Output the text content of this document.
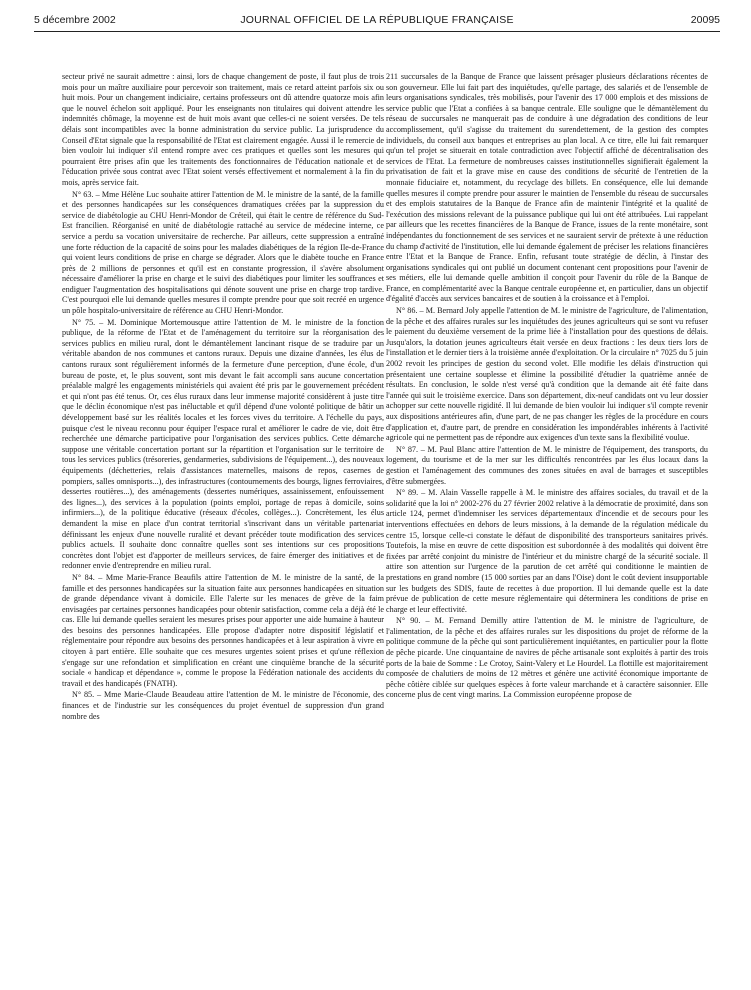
5 décembre 2002	JOURNAL OFFICIEL DE LA RÉPUBLIQUE FRANÇAISE	20095

secteur privé ne saurait admettre : ainsi, lors de chaque changement de poste, il faut plus de trois mois pour un maître auxiliaire pour percevoir son traitement, mais ce retard atteint parfois six ou huit mois. Pour un changement indiciaire, certains professeurs ont dû attendre quatorze mois afin que le nouvel échelon soit appliqué. Pour les enseignants non titulaires qui doivent attendre les indemnités chômage, la moyenne est de huit mois avant que celles-ci ne soient versées. De tels délais sont incompatibles avec la bonne administration du service public. La jurisprudence du Conseil d'Etat signale que la responsabilité de l'Etat est clairement engagée. Aussi il le remercie de bien vouloir lui indiquer s'il entend rompre avec ces pratiques et quelles sont les mesures qui pourraient être prises afin que les traitements des fonctionnaires de l'éducation nationale et de l'éducation privée sous contrat avec l'Etat soient versés effectivement et normalement à la fin du mois, après service fait.

N° 63. – Mme Hélène Luc souhaite attirer l'attention de M. le ministre de la santé, de la famille et des personnes handicapées sur les conséquences dramatiques créées par la suppression du service de diabétologie au CHU Henri-Mondor de Créteil, qui était le centre de référence du Sud-Est francilien. Réorganisé en unité de diabétologie rattaché au service de médecine interne, ce service a perdu sa vocation universitaire de recherche. Par ailleurs, cette suppression a entraîné une forte réduction de la capacité de soins pour les malades diabétiques de la région Ile-de-France qui voient leurs conditions de prise en charge se dégrader. Alors que le diabète touche en France près de 2 millions de personnes et qu'il est en constante progression, il s'avère absolument nécessaire d'améliorer la prise en charge et le suivi des diabétiques pour limiter les souffrances et endiguer l'augmentation des hospitalisations qui dénote souvent une prise en charge trop tardive. C'est pourquoi elle lui demande quelles mesures il compte prendre pour que soit recréé en urgence un pôle hospitalo-universitaire de référence au CHU Henri-Mondor.

N° 75. – M. Dominique Mortemousque attire l'attention de M. le ministre de la fonction publique, de la réforme de l'Etat et de l'aménagement du territoire sur la réorganisation des services publics en milieu rural, dont le démantèlement lancinant risque de se traduire par un véritable abandon de nos communes et cantons ruraux. Depuis une dizaine d'années, les élus de cantons ruraux sont régulièrement informés de la fermeture d'une perception, d'une école, d'un bureau de poste, et, le plus souvent, sont mis devant le fait accompli sans aucune concertation préalable malgré les engagements ministériels qui avaient été pris par le gouvernement précédent et qui n'ont pas été tenus. Or, ces élus ruraux dans leur immense majorité considèrent à juste titre que le déclin économique n'est pas inéluctable et qu'il dépend d'une volonté politique de bâtir un développement basé sur les réalités locales et les forces vives du territoire. A l'échelle du pays, puisque c'est le niveau reconnu pour équiper l'espace rural et améliorer le cadre de vie, doit être recherchée une démarche participative pour l'organisation des services publics. Cette démarche suppose une véritable concertation portant sur la répartition et l'organisation sur le territoire de tous les services publics (trésoreries, gendarmeries, subdivisions de l'équipement...), des nouveaux équipements (déchetteries, relais d'assistances maternelles, maisons de repos, casernes de pompiers, salles omnisports...), des infrastructures (contournements des bourgs, lignes ferroviaires, dessertes routières...), des aménagements (dessertes numériques, assainissement, enfouissement des lignes...), des services à la population (points emploi, portage de repas à domicile, soins infirmiers...), de la politique éducative (réseaux d'écoles, collèges...). Concrètement, les élus demandent la mise en place d'un contrat territorial s'inscrivant dans un véritable partenariat définissant les enjeux d'une nouvelle ruralité et devant précéder toute modification des services publics actuels. Il souhaite donc connaître quelles sont ses intentions sur ces propositions concrètes dont l'objet est d'apporter de meilleurs services, de faire émerger des initiatives et de redonner envie d'entreprendre en milieu rural.

N° 84. – Mme Marie-France Beaufils attire l'attention de M. le ministre de la santé, de la famille et des personnes handicapées sur la situation faite aux personnes handicapées en situation de grande dépendance vivant à domicile. Elle l'alerte sur les menaces de grève de la faim envisagées par certaines personnes handicapées pour obtenir satisfaction, comme cela a déjà été le cas. Elle lui demande quelles seraient les mesures prises pour apporter une aide humaine à hauteur des besoins des personnes handicapées. Elle propose d'adapter notre dispositif législatif et réglementaire pour répondre aux besoins des personnes handicapées et à leur aspiration à vivre en citoyen à part entière. Elle souhaite que ces mesures urgentes soient prises et qu'une réflexion s'engage sur une refondation et simplification en créant une cinquième branche de la sécurité sociale « handicap et dépendance », comme le propose la Fédération nationale des accidents du travail et des handicapés (FNATH).

N° 85. – Mme Marie-Claude Beaudeau attire l'attention de M. le ministre de l'économie, des finances et de l'industrie sur les conséquences du projet éventuel de suppression d'un grand nombre des

211 succursales de la Banque de France que laissent présager plusieurs déclarations récentes de son gouverneur. Elle lui fait part des inquiétudes, qu'elle partage, des salariés et de l'ensemble de leurs organisations syndicales, très mobilisés, pour l'avenir des 17 000 emplois et des missions de service public que l'Etat a confiées à sa banque centrale. Elle souligne que le démantèlement du réseau de succursales ne manquerait pas de conduire à une dégradation des conditions de leur accomplissement, qu'il s'agisse du traitement du surendettement, de la gestion des comptes individuels, du conseil aux banques et entreprises au plan local. A ce titre, elle lui fait remarquer qu'un tel projet se situerait en totale contradiction avec l'objectif affiché de décentralisation des services de l'Etat. La fermeture de nombreuses caisses institutionnelles signifierait également la privatisation de fait et la grave mise en cause des conditions de sécurité de l'entretien de la monnaie fiduciaire et, notamment, du recyclage des billets. En conséquence, elle lui demande quelles mesures il compte prendre pour assurer le maintien de l'ensemble du réseau de succursales et des emplois statutaires de la Banque de France afin de maintenir l'intégrité et la qualité de l'exécution des missions relevant de la puissance publique qui lui ont été attribuées. Lui rappelant par ailleurs que les recettes financières de la Banque de France, issues de la rente monétaire, sont indépendantes du fonctionnement de ses services et ne sauraient servir de prétexte à une réduction du champ d'activité de l'institution, elle lui demande également de préciser les relations financières entre l'Etat et la Banque de France. Enfin, refusant toute stratégie de déclin, à l'instar des organisations syndicales qui ont publié un document contenant cent propositions pour l'avenir de ses métiers, elle lui demande quelle ambition il conçoit pour l'avenir du rôle de la Banque de France, en complémentarité avec la Banque centrale européenne et, en particulier, dans un objectif d'égalité d'accès aux services bancaires et de soutien à la croissance et à l'emploi.

N° 86. – M. Bernard Joly appelle l'attention de M. le ministre de l'agriculture, de l'alimentation, de la pêche et des affaires rurales sur les inquiétudes des jeunes agriculteurs qui se sont vu refuser le paiement du deuxième versement de la prime liée à l'installation pour des questions de délais. Jusqu'alors, la dotation jeunes agriculteurs était versée en deux fractions : les deux tiers lors de l'installation et le dernier tiers à la troisième année d'exploitation. Or la circulaire n° 7025 du 5 juin 2002 revoit les principes de gestion du second volet. Elle modifie les délais d'instruction qui présentaient une certaine souplesse et élimine la possibilité d'étudier la quatrième année de résultats. En conclusion, le solde n'est versé qu'à condition que la demande ait été faite dans l'année qui suit le troisième exercice. Dans son département, dix-neuf candidats ont vu leur dossier achopper sur cette nouvelle rigidité. Il lui demande de bien vouloir lui indiquer s'il compte revenir aux dispositions antérieures afin, d'une part, de ne pas changer les règles de la procédure en cours d'application et, d'autre part, de prendre en considération les impondérables inhérents à l'activité agricole qui ne permettent pas de répondre aux exigences d'un texte sans la flexibilité voulue.

N° 87. – M. Paul Blanc attire l'attention de M. le ministre de l'équipement, des transports, du logement, du tourisme et de la mer sur les difficultés rencontrées par les élus locaux dans la gestion et l'aménagement des communes des zones situées en aval de barrages et susceptibles d'être submergées.

N° 89. – M. Alain Vasselle rappelle à M. le ministre des affaires sociales, du travail et de la solidarité que la loi n° 2002-276 du 27 février 2002 relative à la démocratie de proximité, dans son article 124, permet d'indemniser les services départementaux d'incendie et de secours pour les interventions effectuées en dehors de leurs missions, à la demande de la régulation médicale du centre 15, lorsque celle-ci constate le défaut de disponibilité des transporteurs sanitaires privés. Toutefois, la mise en œuvre de cette disposition est subordonnée à des modalités qui doivent être fixées par arrêté conjoint du ministre de l'intérieur et du ministre chargé de la sécurité sociale. Il attire son attention sur l'urgence de la parution de cet arrêté qui conditionne le maintien de prestations en grand nombre (15 000 sorties par an dans l'Oise) dont le coût devient insupportable sur les budgets des SDIS, faute de recettes à due proportion. Il lui demande quelle est la date prévue de publication de cette mesure réglementaire qui déterminera les conditions de prise en charge et leur effectivité.

N° 90. – M. Fernand Demilly attire l'attention de M. le ministre de l'agriculture, de l'alimentation, de la pêche et des affaires rurales sur les dispositions du projet de réforme de la politique commune de la pêche qui sont particulièrement inquiétantes, en particulier pour la flotte de pêche picarde. Une cinquantaine de navires de pêche artisanale sont exploités à partir des trois ports de la baie de Somme : Le Crotoy, Saint-Valery et Le Hourdel. La flottille est majoritairement composée de chalutiers de moins de 12 mètres et génère une activité économique importante de pêche côtière ciblée sur quelques espèces à forte valeur marchande et à caractère saisonnier. Elle concerne plus de cent vingt marins. La Commission européenne propose de
